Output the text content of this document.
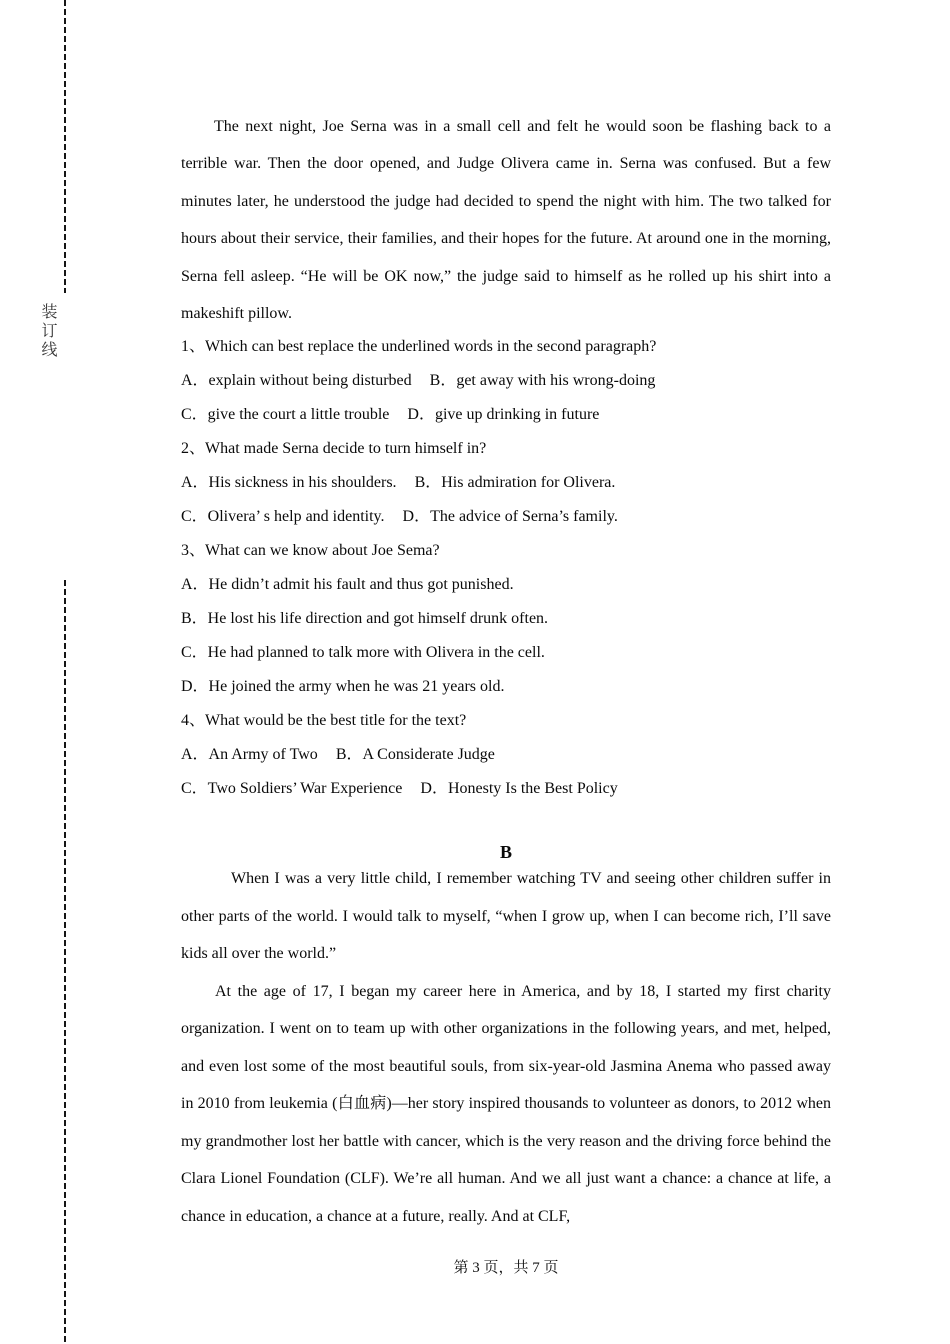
装订线

The next night, Joe Serna was in a small cell and felt he would soon be flashing back to a terrible war. Then the door opened, and Judge Olivera came in. Serna was confused. But a few minutes later, he understood the judge had decided to spend the night with him. The two talked for hours about their service, their families, and their hopes for the future. At around one in the morning, Serna fell asleep. “He will be OK now,” the judge said to himself as he rolled up his shirt into a makeshift pillow.

1、Which can best replace the underlined words in the second paragraph?
A．explain without being disturbed B．get away with his wrong-doing
C．give the court a little trouble D．give up drinking in future
2、What made Serna decide to turn himself in?
A．His sickness in his shoulders. B．His admiration for Olivera.
C．Olivera’ s help and identity. D．The advice of Serna’s family.
3、What can we know about Joe Sema?
A．He didn’t admit his fault and thus got punished.
B．He lost his life direction and got himself drunk often.
C．He had planned to talk more with Olivera in the cell.
D．He joined the army when he was 21 years old.
4、What would be the best title for the text?
A．An Army of Two B．A Considerate Judge
C．Two Soldiers’ War Experience D．Honesty Is the Best Policy
B

When I was a very little child, I remember watching TV and seeing other children suffer in other parts of the world. I would talk to myself, “when I grow up, when I can become rich, I’ll save kids all over the world.”

At the age of 17, I began my career here in America, and by 18, I started my first charity organization. I went on to team up with other organizations in the following years, and met, helped, and even lost some of the most beautiful souls, from six-year-old Jasmina Anema who passed away in 2010 from leukemia (白血病)—her story inspired thousands to volunteer as donors, to 2012 when my grandmother lost her battle with cancer, which is the very reason and the driving force behind the Clara Lionel Foundation (CLF). We’re all human. And we all just want a chance: a chance at life, a chance in education, a chance at a future, really. And at CLF,

第 3 页，共 7 页
